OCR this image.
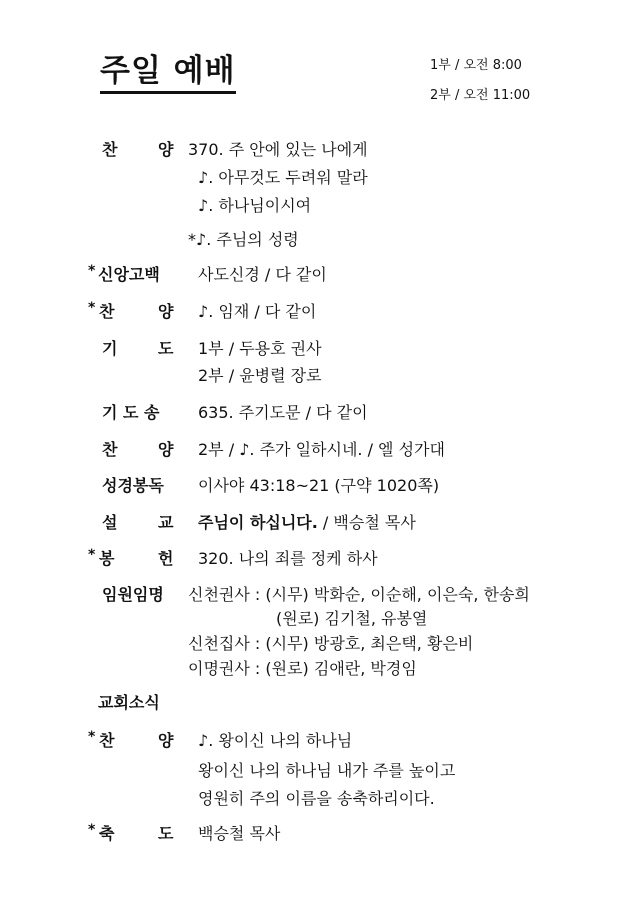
주일 예배	1부 / 오전 8:00
2부 / 오전 11:00
찬	양 370. 주 안에 있는 나에게
♪. 아무것도 두려워 말라
♪. 하나님이시여
*♪. 주님의 성령
* 신앙고백 사도신경 / 다 같이
* 찬	양 ♪. 임재 / 다 같이
기	도 1부 / 두용호 권사
2부 / 윤병렬 장로
기 도 송 635. 주기도문 / 다 같이
찬	양 2부 / ♪. 주가 일하시네. / 엘 성가대
성경봉독 이사야 43:18~21 (구약 1020쪽)
설	교 주님이 하십니다. / 백승철 목사
* 봉	헌 320. 나의 죄를 정케 하사
임원임명 신천권사 : (시무) 박화순, 이순해, 이은숙, 한송희
(원로) 김기철, 유봉열
신천집사 : (시무) 방광호, 최은택, 황은비
이명권사 : (원로) 김애란, 박경임
교회소식
* 찬	양 ♪. 왕이신 나의 하나님
왕이신 나의 하나님 내가 주를 높이고
영원히 주의 이름을 송축하리이다.
* 축	도 백승철 목사
